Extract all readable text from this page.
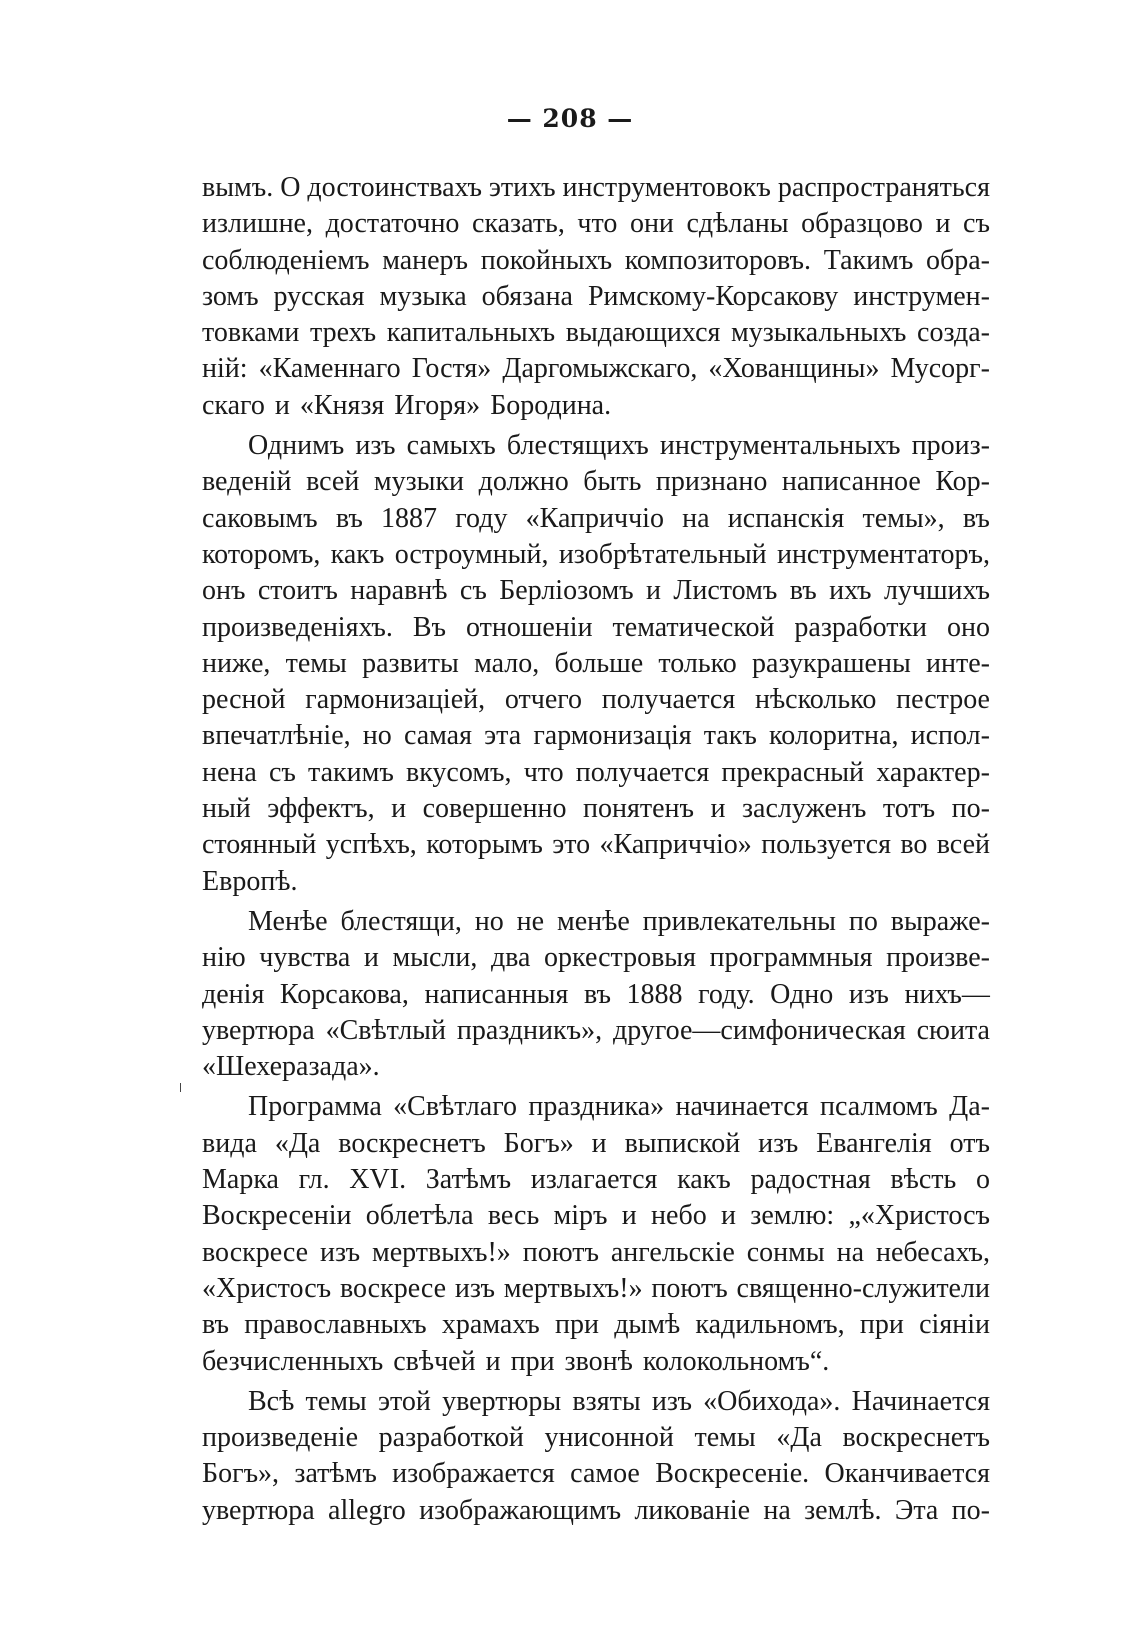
— 208 —
вымъ. О достоинствахъ этихъ инструментовокъ распространяться
излишне, достаточно сказать, что они сдѣланы образцово и съ
соблюденіемъ манеръ покойныхъ композиторовъ. Такимъ обра-
зомъ русская музыка обязана Римскому-Корсакову инструмен-
товками трехъ капитальныхъ выдающихся музыкальныхъ созда-
ній: «Каменнаго Гостя» Даргомыжскаго, «Хованщины» Мусорг-
скаго и «Князя Игоря» Бородина.
Однимъ изъ самыхъ блестящихъ инструментальныхъ произ-
веденій всей музыки должно быть признано написанное Кор-
саковымъ въ 1887 году «Каприччіо на испанскія темы», въ
которомъ, какъ остроумный, изобрѣтательный инструментаторъ,
онъ стоитъ наравнѣ съ Берліозомъ и Листомъ въ ихъ лучшихъ
произведеніяхъ. Въ отношеніи тематической разработки оно
ниже, темы развиты мало, больше только разукрашены инте-
ресной гармонизаціей, отчего получается нѣсколько пестрое
впечатлѣніе, но самая эта гармонизація такъ колоритна, испол-
нена съ такимъ вкусомъ, что получается прекрасный характер-
ный эффектъ, и совершенно понятенъ и заслуженъ тотъ по-
стоянный успѣхъ, которымъ это «Каприччіо» пользуется во всей
Европѣ.
Менѣе блестящи, но не менѣе привлекательны по выраже-
нію чувства и мысли, два оркестровыя программныя произве-
денія Корсакова, написанныя въ 1888 году. Одно изъ нихъ—
увертюра «Свѣтлый праздникъ», другое—симфоническая сюита
«Шехеразада».
Программа «Свѣтлаго праздника» начинается псалмомъ Да-
вида «Да воскреснетъ Богъ» и выпиской изъ Евангелія отъ
Марка гл. XVI. Затѣмъ излагается какъ радостная вѣсть о
Воскресеніи облетѣла весь міръ и небо и землю: „«Христосъ
воскресе изъ мертвыхъ!» поютъ ангельскіе сонмы на небесахъ,
«Христосъ воскресе изъ мертвыхъ!» поютъ священно-служители
въ православныхъ храмахъ при дымѣ кадильномъ, при сіяніи
безчисленныхъ свѣчей и при звонѣ колокольномъ“.
Всѣ темы этой увертюры взяты изъ «Обихода». Начинается
произведеніе разработкой унисонной темы «Да воскреснетъ
Богъ», затѣмъ изображается самое Воскресеніе. Оканчивается
увертюра allegro изображающимъ ликованіе на землѣ. Эта по-
